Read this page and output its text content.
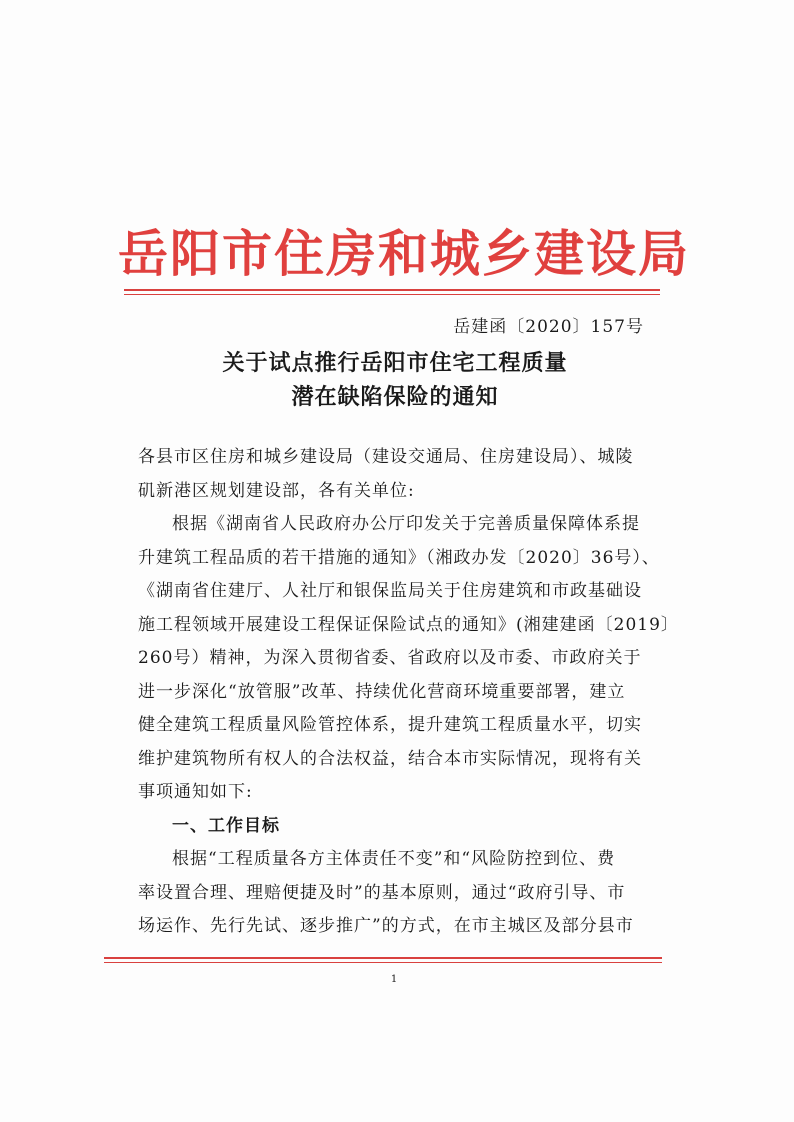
岳阳市住房和城乡建设局
岳建函〔2020〕157号
关于试点推行岳阳市住宅工程质量
潜在缺陷保险的通知
各县市区住房和城乡建设局（建设交通局、住房建设局）、城陵
矶新港区规划建设部，各有关单位:
根据《湖南省人民政府办公厅印发关于完善质量保障体系提
升建筑工程品质的若干措施的通知》（湘政办发〔2020〕36号）、
《湖南省住建厅、人社厅和银保监局关于住房建筑和市政基础设
施工程领域开展建设工程保证保险试点的通知》(湘建建函〔2019〕
260号）精神，为深入贯彻省委、省政府以及市委、市政府关于
进一步深化“放管服”改革、持续优化营商环境重要部署，建立
健全建筑工程质量风险管控体系，提升建筑工程质量水平，切实
维护建筑物所有权人的合法权益，结合本市实际情况，现将有关
事项通知如下:
一、工作目标
根据“工程质量各方主体责任不变”和“风险防控到位、费
率设置合理、理赔便捷及时”的基本原则，通过“政府引导、市
场运作、先行先试、逐步推广”的方式，在市主城区及部分县市
1
